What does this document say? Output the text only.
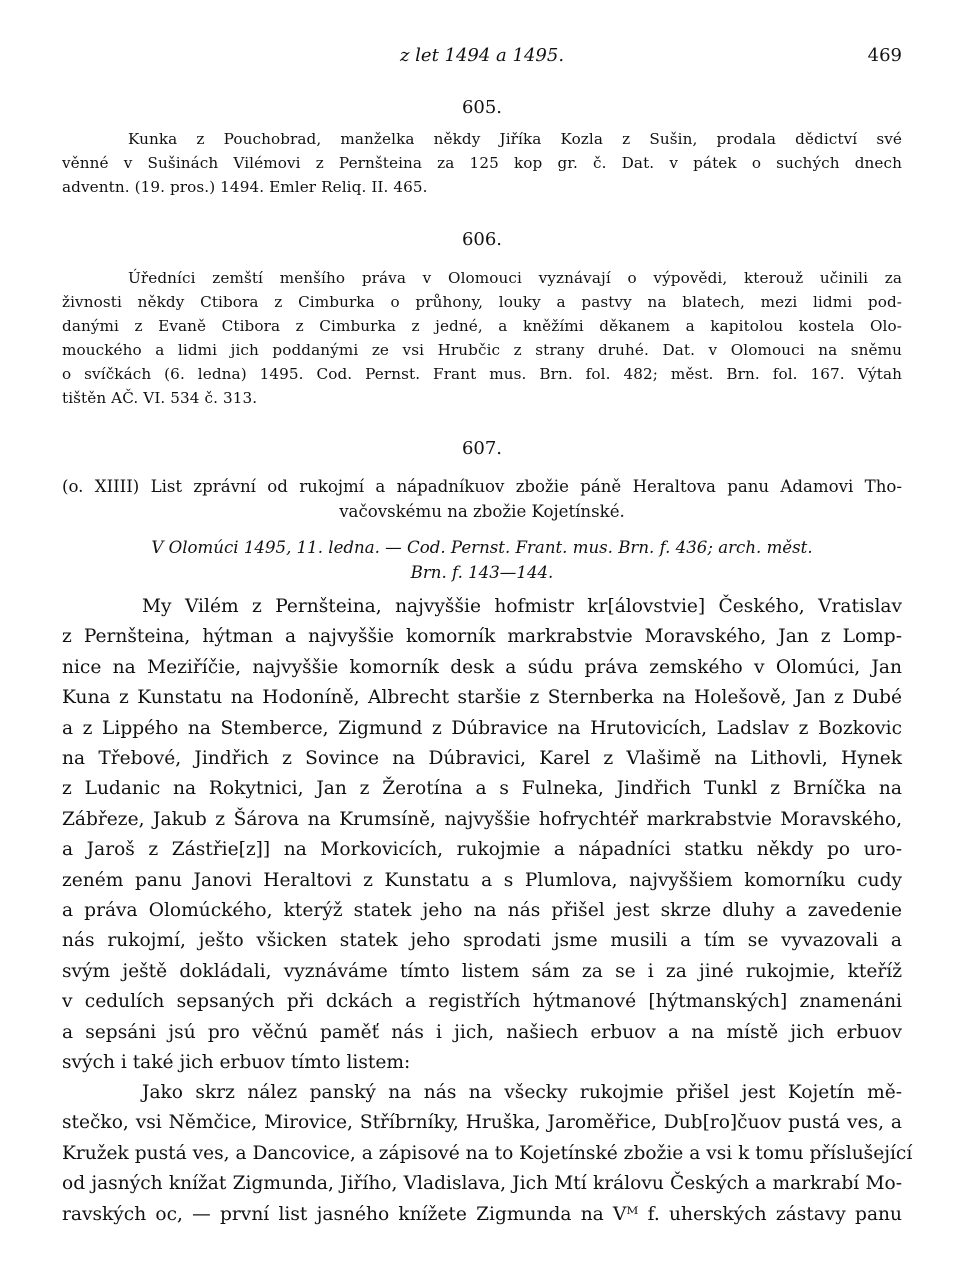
z let 1494 a 1495.	469
605.
Kunka z Pouchobrad, manželka někdy Jiříka Kozla z Sušin, prodala dědictví své
věnné v Sušinách Vilémovi z Pernšteina za 125 kop gr. č. Dat. v pátek o suchých dnech
adventn. (19. pros.) 1494. Emler Reliq. II. 465.
606.
Úředníci zemští menšího práva v Olomouci vyznávají o výpovědi, kterouž učinili za
živnosti někdy Ctibora z Cimburka o průhony, louky a pastvy na blatech, mezi lidmi pod-
danými z Evaně Ctibora z Cimburka z jedné, a kněžími děkanem a kapitolou kostela Olo-
mouckého a lidmi jich poddanými ze vsi Hrubčic z strany druhé. Dat. v Olomouci na sněmu
o svíčkách (6. ledna) 1495. Cod. Pernst. Frant mus. Brn. fol. 482; měst. Brn. fol. 167. Výtah
tištěn AČ. VI. 534 č. 313.
607.
(o. XIIII) List zprávní od rukojmí a nápadníkuov zbožie páně Heraltova panu Adamovi Tho-
vačovskému na zbožie Kojetínské.
V Olomúci 1495, 11. ledna. — Cod. Pernst. Frant. mus. Brn. f. 436; arch. měst.
Brn. f. 143—144.
My Vilém z Pernšteina, najvyššie hofmistr kr[álovstvie] Českého, Vratislav
z Pernšteina, hýtman a najvyššie komorník markrabstvie Moravského, Jan z Lomp-
nice na Meziříčie, najvyššie komorník desk a súdu práva zemského v Olomúci, Jan
Kuna z Kunstatu na Hodoníně, Albrecht staršie z Sternberka na Holešově, Jan z Dubé
a z Lippého na Stemberce, Zigmund z Dúbravice na Hrutovicích, Ladslav z Bozkovic
na Třebové, Jindřich z Sovince na Dúbravici, Karel z Vlašimě na Lithovli, Hynek
z Ludanic na Rokytnici, Jan z Žerotína a s Fulneka, Jindřich Tunkl z Brníčka na
Zábřeze, Jakub z Šárova na Krumsíně, najvyššie hofrychtéř markrabstvie Moravského,
a Jaroš z Zástřie[z]] na Morkovicích, rukojmie a nápadníci statku někdy po uro-
zeném panu Janovi Heraltovi z Kunstatu a s Plumlova, najvyššiem komorníku cudy
a práva Olomúckého, kterýž statek jeho na nás přišel jest skrze dluhy a zavedenie
nás rukojmí, ješto všicken statek jeho sprodati jsme musili a tím se vyvazovali a
svým ještě dokládali, vyznáváme tímto listem sám za se i za jiné rukojmie, kteříž
v cedulích sepsaných při dckách a registřích hýtmanové [hýtmanských] znamenáni
a sepsáni jsú pro věčnú paměť nás i jich, našiech erbuov a na místě jich erbuov
svých i také jich erbuov tímto listem:
Jako skrz nález panský na nás na všecky rukojmie přišel jest Kojetín mě-
stečko, vsi Němčice, Mirovice, Stříbrníky, Hruška, Jaroměřice, Dub[ro]čuov pustá ves, a
Kružek pustá ves, a Dancovice, a zápisové na to Kojetínské zbožie a vsi k tomu příslušející
od jasných knížat Zigmunda, Jiřího, Vladislava, Jich Mtí královu Českých a markrabí Mo-
ravských oc, — první list jasného knížete Zigmunda na Vᴹ f. uherských zástavy panu
